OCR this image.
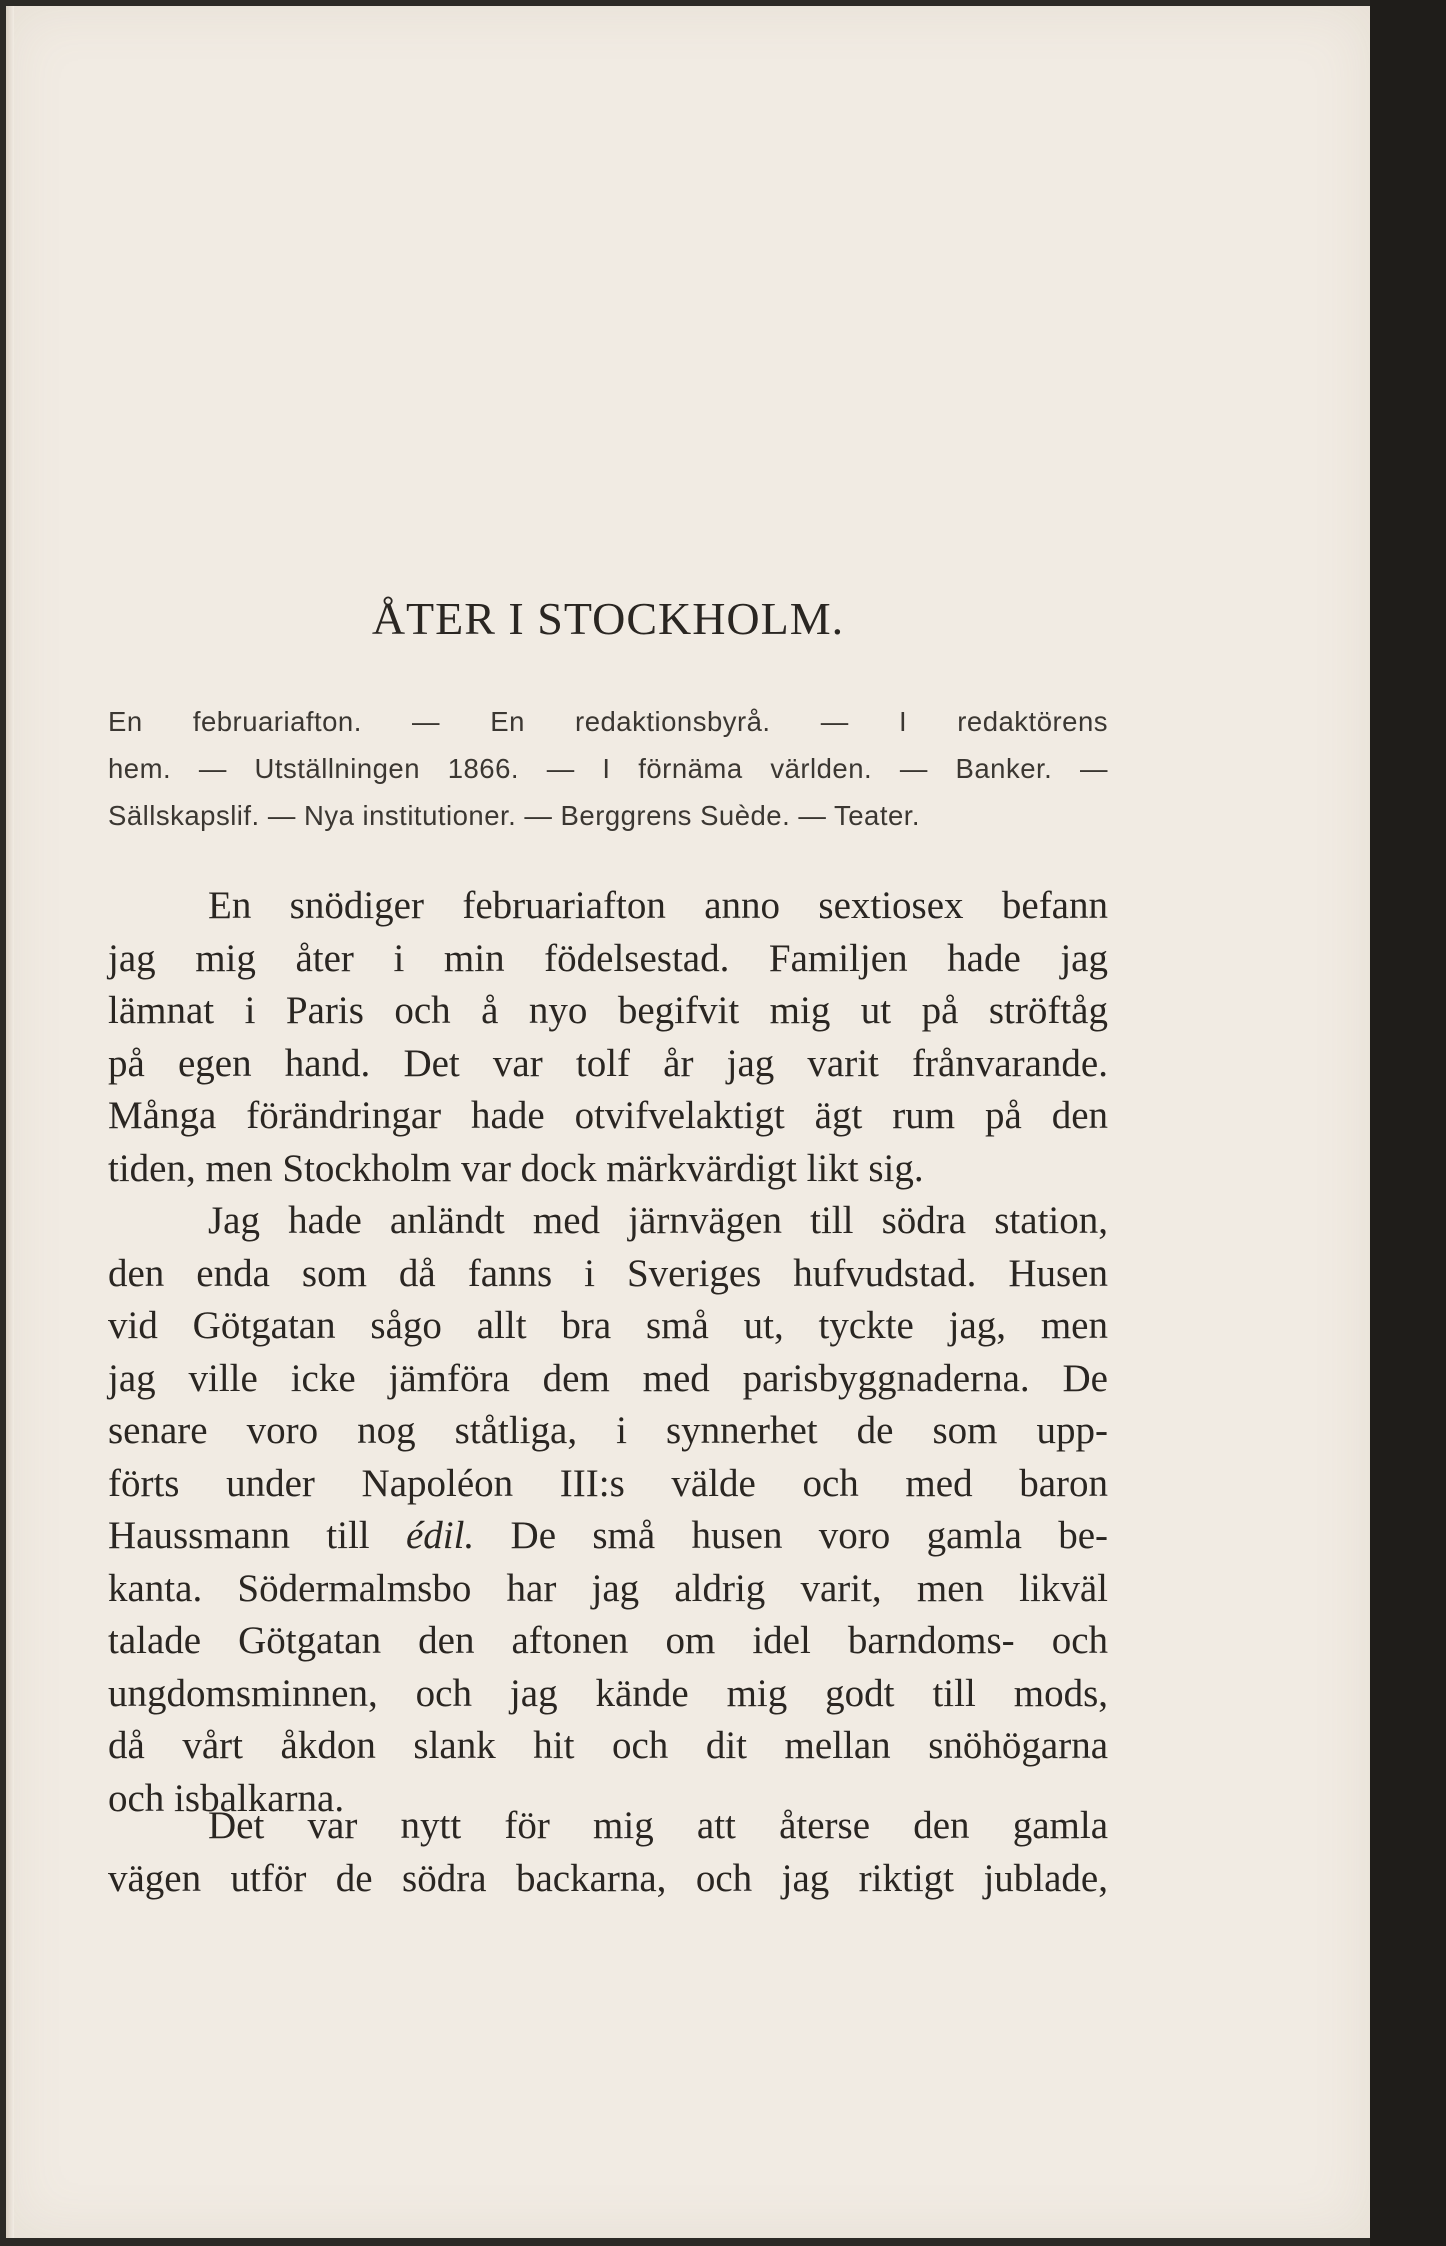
ÅTER I STOCKHOLM.
En februariafton. — En redaktionsbyrå. — I redaktörens
hem. — Utställningen 1866. — I förnäma världen. — Banker. —
Sällskapslif. — Nya institutioner. — Berggrens Suède. — Teater.
En snödiger februariafton anno sextiosex befann
jag mig åter i min födelsestad. Familjen hade jag
lämnat i Paris och å nyo begifvit mig ut på ströftåg
på egen hand. Det var tolf år jag varit frånvarande.
Många förändringar hade otvifvelaktigt ägt rum på den
tiden, men Stockholm var dock märkvärdigt likt sig.
Jag hade anländt med järnvägen till södra station,
den enda som då fanns i Sveriges hufvudstad. Husen
vid Götgatan sågo allt bra små ut, tyckte jag, men
jag ville icke jämföra dem med parisbyggnaderna. De
senare voro nog ståtliga, i synnerhet de som upp-
förts under Napoléon III:s välde och med baron
Haussmann till édil. De små husen voro gamla be-
kanta. Södermalmsbo har jag aldrig varit, men likväl
talade Götgatan den aftonen om idel barndoms- och
ungdomsminnen, och jag kände mig godt till mods,
då vårt åkdon slank hit och dit mellan snöhögarna
och isbalkarna.
Det var nytt för mig att återse den gamla
vägen utför de södra backarna, och jag riktigt jublade,
